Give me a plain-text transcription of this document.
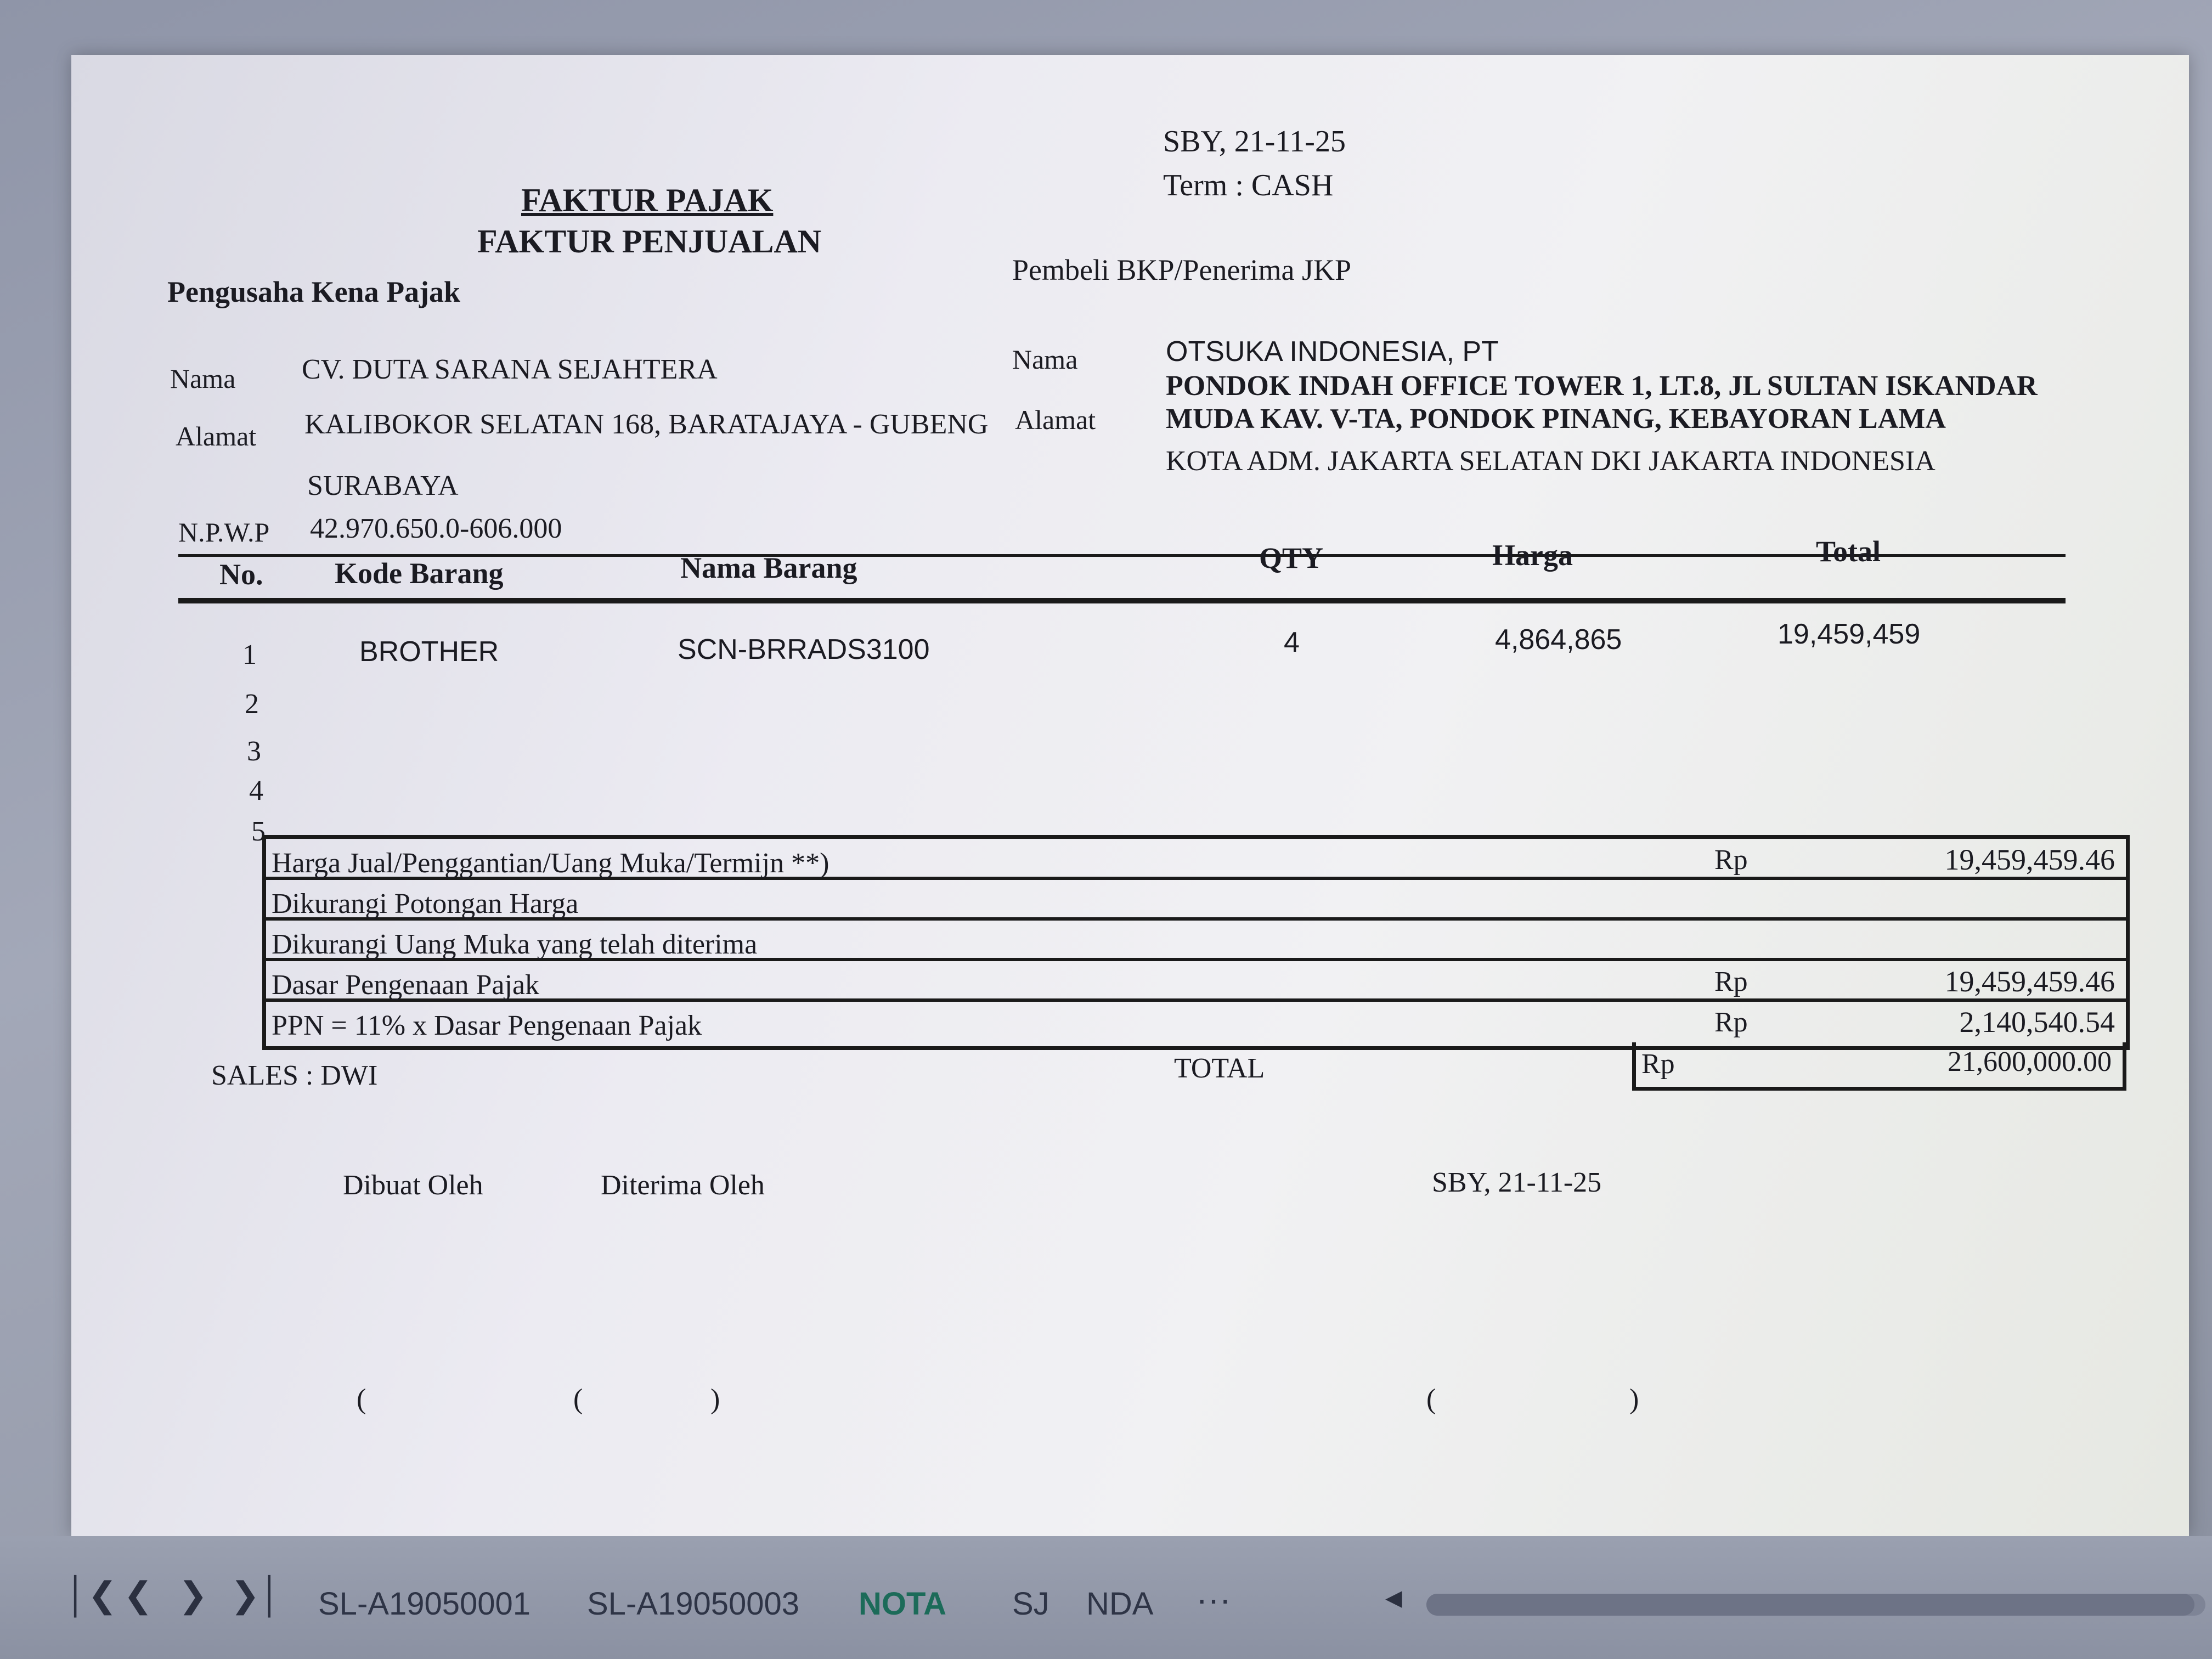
SBY, 21-11-25
Term : CASH
FAKTUR PAJAK
FAKTUR PENJUALAN
Pengusaha Kena Pajak
Pembeli BKP/Penerima JKP
Nama CV. DUTA SARANA SEJAHTERA
Alamat KALIBOKOR SELATAN 168, BARATAJAYA - GUBENG
SURABAYA
N.P.W.P 42.970.650.0-606.000
Nama	OTSUKA INDONESIA, PT
Alamat
PONDOK INDAH OFFICE TOWER 1, LT.8, JL SULTAN ISKANDAR
MUDA KAV. V-TA, PONDOK PINANG, KEBAYORAN LAMA
KOTA ADM. JAKARTA SELATAN DKI JAKARTA INDONESIA
No. Kode Barang	Nama Barang	QTY	Harga	Total
1	BROTHER	SCN-BRRADS3100	4	4,864,865	19,459,459
2
3
4
5
Harga Jual/Penggantian/Uang Muka/Termijn **)	Rp	19,459,459.46
Dikurangi Potongan Harga
Dikurangi Uang Muka yang telah diterima
Dasar Pengenaan Pajak	Rp	19,459,459.46
PPN = 11% x Dasar Pengenaan Pajak	Rp	2,140,540.54
SALES : DWI	TOTAL	Rp	21,600,000.00
Dibuat Oleh	Diterima Oleh	SBY, 21-11-25
(	(	)	(	)
│❮ ❮ ❯ ❯│ SL-A19050001 SL-A19050003 NOTA SJ NDA ···	◀
